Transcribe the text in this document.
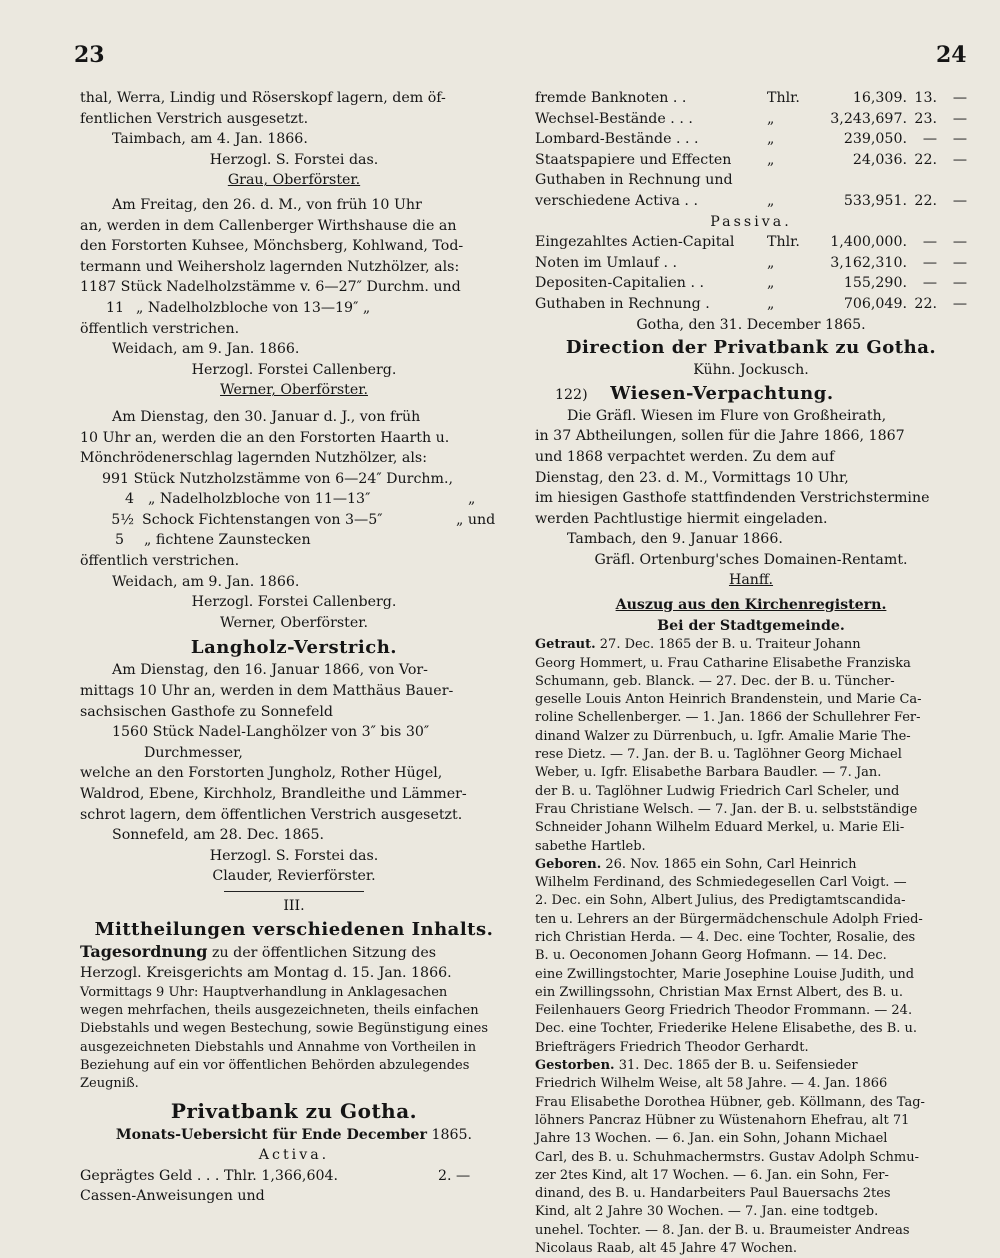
23	24

thal, Werra, Lindig und Röserskopf lagern, dem öf-

fentlichen Verstrich ausgesetzt.

Taimbach, am 4. Jan. 1866.

Herzogl. S. Forstei das.

Grau, Oberförster.

Am Freitag, den 26. d. M., von früh 10 Uhr

an, werden in dem Callenberger Wirthshause die an

den Forstorten Kuhsee, Mönchsberg, Kohlwand, Tod-

termann und Weihersholz lagernden Nutzhölzer, als:

1187 Stück Nadelholzstämme v. 6—27″ Durchm. und

11 „ Nadelholzbloche von 13—19″ „

öffentlich verstrichen.

Weidach, am 9. Jan. 1866.

Herzogl. Forstei Callenberg.

Werner, Oberförster.

Am Dienstag, den 30. Januar d. J., von früh

10 Uhr an, werden die an den Forstorten Haarth u.

Mönchrödenerschlag lagernden Nutzhölzer, als:

991 Stück Nutzholzstämme von 6—24″ Durchm.,

4 „ Nadelholzbloche von 11—13″	„
5½ Schock Fichtenstangen von 3—5″	„ und
5 „ fichtene Zaunstecken

öffentlich verstrichen.

Weidach, am 9. Jan. 1866.

Herzogl. Forstei Callenberg.

Werner, Oberförster.

Langholz-Verstrich.

Am Dienstag, den 16. Januar 1866, von Vor-

mittags 10 Uhr an, werden in dem Matthäus Bauer-

sachsischen Gasthofe zu Sonnefeld

1560 Stück Nadel-Langhölzer von 3″ bis 30″

Durchmesser,

welche an den Forstorten Jungholz, Rother Hügel,

Waldrod, Ebene, Kirchholz, Brandleithe und Lämmer-

schrot lagern, dem öffentlichen Verstrich ausgesetzt.

Sonnefeld, am 28. Dec. 1865.

Herzogl. S. Forstei das.

Clauder, Revierförster.

III.

Mittheilungen verschiedenen Inhalts.

Tagesordnung zu der öffentlichen Sitzung des

Herzogl. Kreisgerichts am Montag d. 15. Jan. 1866.

Vormittags 9 Uhr: Hauptverhandlung in Anklagesachen

wegen mehrfachen, theils ausgezeichneten, theils einfachen

Diebstahls und wegen Bestechung, sowie Begünstigung eines

ausgezeichneten Diebstahls und Annahme von Vortheilen in

Beziehung auf ein vor öffentlichen Behörden abzulegendes

Zeugniß.

Privatbank zu Gotha.

Monats-Uebersicht für Ende December 1865.

Activa.

Geprägtes Geld . . . Thlr. 1,366,604.	2. —

Cassen-Anweisungen und

fremde Banknoten . .	Thlr.	16,309. 13.	—
Wechsel-Bestände . . .	„	3,243,697. 23.	—
Lombard-Bestände . . .	„	239,050.	—	—
Staatspapiere und Effecten	„	24,036. 22.	—
Guthaben in Rechnung und
verschiedene Activa . .	„	533,951. 22.	—

Passiva.

Eingezahltes Actien-Capital	Thlr.	1,400,000.	—	—
Noten im Umlauf . .	„	3,162,310.	—	—
Depositen-Capitalien . .	„	155,290.	—	—
Guthaben in Rechnung .	„	706,049. 22.	—

Gotha, den 31. December 1865.

Direction der Privatbank zu Gotha.

Kühn. Jockusch.

122) Wiesen-Verpachtung.

Die Gräfl. Wiesen im Flure von Großheirath,

in 37 Abtheilungen, sollen für die Jahre 1866, 1867

und 1868 verpachtet werden. Zu dem auf

Dienstag, den 23. d. M., Vormittags 10 Uhr,

im hiesigen Gasthofe stattfindenden Verstrichstermine

werden Pachtlustige hiermit eingeladen.

Tambach, den 9. Januar 1866.

Gräfl. Ortenburg'sches Domainen-Rentamt.

Hanff.

Auszug aus den Kirchenregistern.

Bei der Stadtgemeinde.

Getraut. 27. Dec. 1865 der B. u. Traiteur Johann

Georg Hommert, u. Frau Catharine Elisabethe Franziska

Schumann, geb. Blanck. — 27. Dec. der B. u. Tüncher-

geselle Louis Anton Heinrich Brandenstein, und Marie Ca-

roline Schellenberger. — 1. Jan. 1866 der Schullehrer Fer-

dinand Walzer zu Dürrenbuch, u. Igfr. Amalie Marie The-

rese Dietz. — 7. Jan. der B. u. Taglöhner Georg Michael

Weber, u. Igfr. Elisabethe Barbara Baudler. — 7. Jan.

der B. u. Taglöhner Ludwig Friedrich Carl Scheler, und

Frau Christiane Welsch. — 7. Jan. der B. u. selbstständige

Schneider Johann Wilhelm Eduard Merkel, u. Marie Eli-

sabethe Hartleb.

Geboren. 26. Nov. 1865 ein Sohn, Carl Heinrich

Wilhelm Ferdinand, des Schmiedegesellen Carl Voigt. —

2. Dec. ein Sohn, Albert Julius, des Predigtamtscandida-

ten u. Lehrers an der Bürgermädchenschule Adolph Fried-

rich Christian Herda. — 4. Dec. eine Tochter, Rosalie, des

B. u. Oeconomen Johann Georg Hofmann. — 14. Dec.

eine Zwillingstochter, Marie Josephine Louise Judith, und

ein Zwillingssohn, Christian Max Ernst Albert, des B. u.

Feilenhauers Georg Friedrich Theodor Frommann. — 24.

Dec. eine Tochter, Friederike Helene Elisabethe, des B. u.

Briefträgers Friedrich Theodor Gerhardt.

Gestorben. 31. Dec. 1865 der B. u. Seifensieder

Friedrich Wilhelm Weise, alt 58 Jahre. — 4. Jan. 1866

Frau Elisabethe Dorothea Hübner, geb. Köllmann, des Tag-

löhners Pancraz Hübner zu Wüstenahorn Ehefrau, alt 71

Jahre 13 Wochen. — 6. Jan. ein Sohn, Johann Michael

Carl, des B. u. Schuhmachermstrs. Gustav Adolph Schmu-

zer 2tes Kind, alt 17 Wochen. — 6. Jan. ein Sohn, Fer-

dinand, des B. u. Handarbeiters Paul Bauersachs 2tes

Kind, alt 2 Jahre 30 Wochen. — 7. Jan. eine todtgeb.

unehel. Tochter. — 8. Jan. der B. u. Braumeister Andreas

Nicolaus Raab, alt 45 Jahre 47 Wochen.
